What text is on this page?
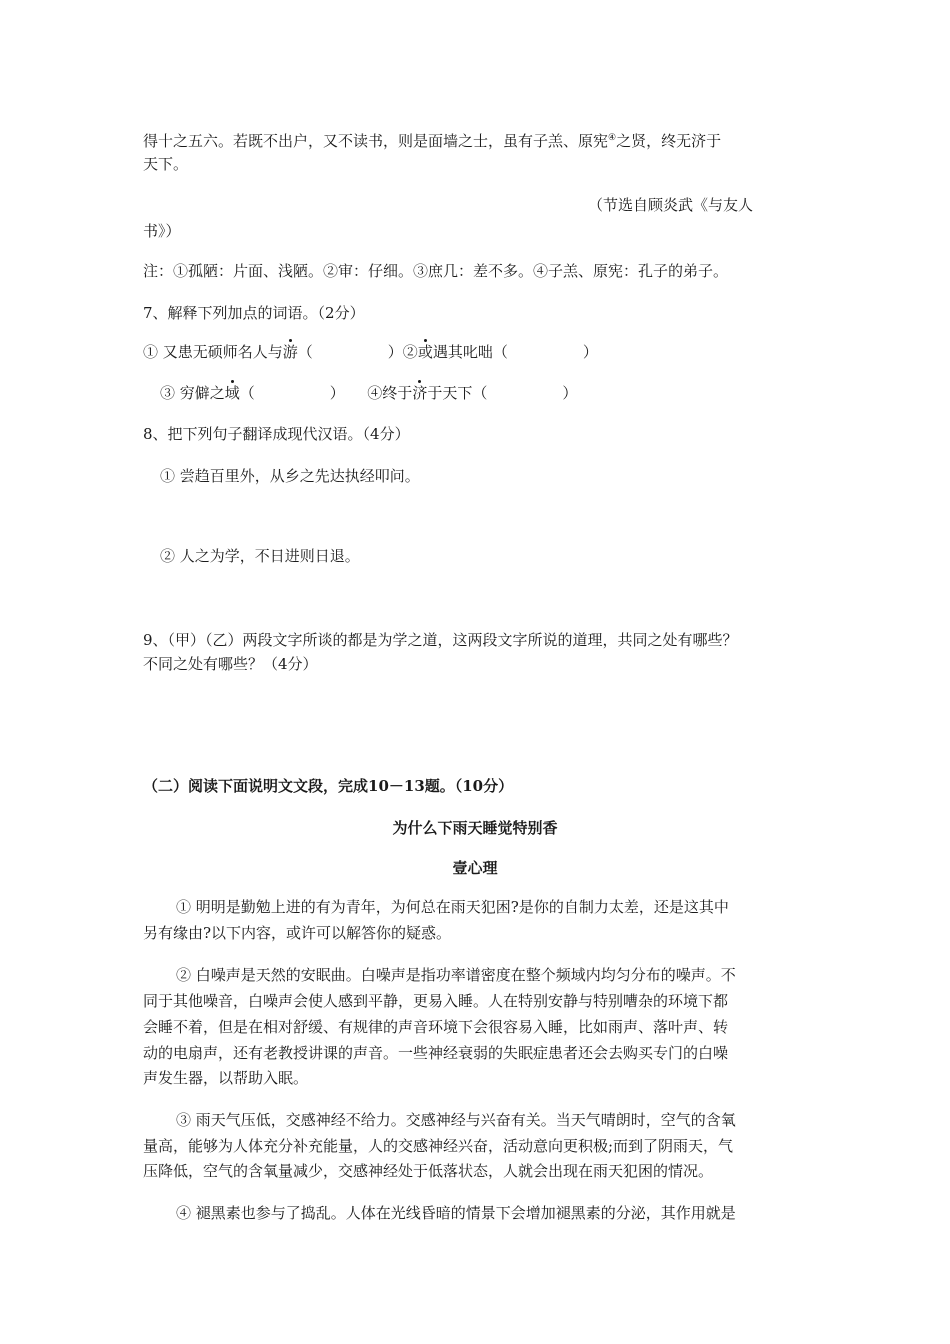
得十之五六。若既不出户，又不读书，则是面墙之士，虽有子羔、原宪④之贤，终无济于
天下。
（节选自顾炎武《与友人
书》）
注：①孤陋：片面、浅陋。②审：仔细。③庶几：差不多。④子羔、原宪：孔子的弟子。
7、解释下列加点的词语。（2分）
① 又患无硕师名人与游（　　　　　）②或遇其叱咄（　　　　　）
③ 穷僻之域（　　　　　）　　④终于济于天下（　　　　　）
8、把下列句子翻译成现代汉语。（4分）
① 尝趋百里外，从乡之先达执经叩问。
② 人之为学，不日进则日退。
9、（甲）（乙）两段文字所谈的都是为学之道，这两段文字所说的道理，共同之处有哪些？
不同之处有哪些？（4分）
（二）阅读下面说明文文段，完成10－13题。（10分）
为什么下雨天睡觉特别香
壹心理
① 明明是勤勉上进的有为青年，为何总在雨天犯困?是你的自制力太差，还是这其中
另有缘由?以下内容，或许可以解答你的疑惑。
② 白噪声是天然的安眠曲。白噪声是指功率谱密度在整个频域内均匀分布的噪声。不
同于其他噪音，白噪声会使人感到平静，更易入睡。人在特别安静与特别嘈杂的环境下都
会睡不着，但是在相对舒缓、有规律的声音环境下会很容易入睡，比如雨声、落叶声、转
动的电扇声，还有老教授讲课的声音。一些神经衰弱的失眠症患者还会去购买专门的白噪
声发生器，以帮助入眠。
③ 雨天气压低，交感神经不给力。交感神经与兴奋有关。当天气晴朗时，空气的含氧
量高，能够为人体充分补充能量，人的交感神经兴奋，活动意向更积极;而到了阴雨天，气
压降低，空气的含氧量减少，交感神经处于低落状态，人就会出现在雨天犯困的情况。
④ 褪黑素也参与了捣乱。人体在光线昏暗的情景下会增加褪黑素的分泌，其作用就是
